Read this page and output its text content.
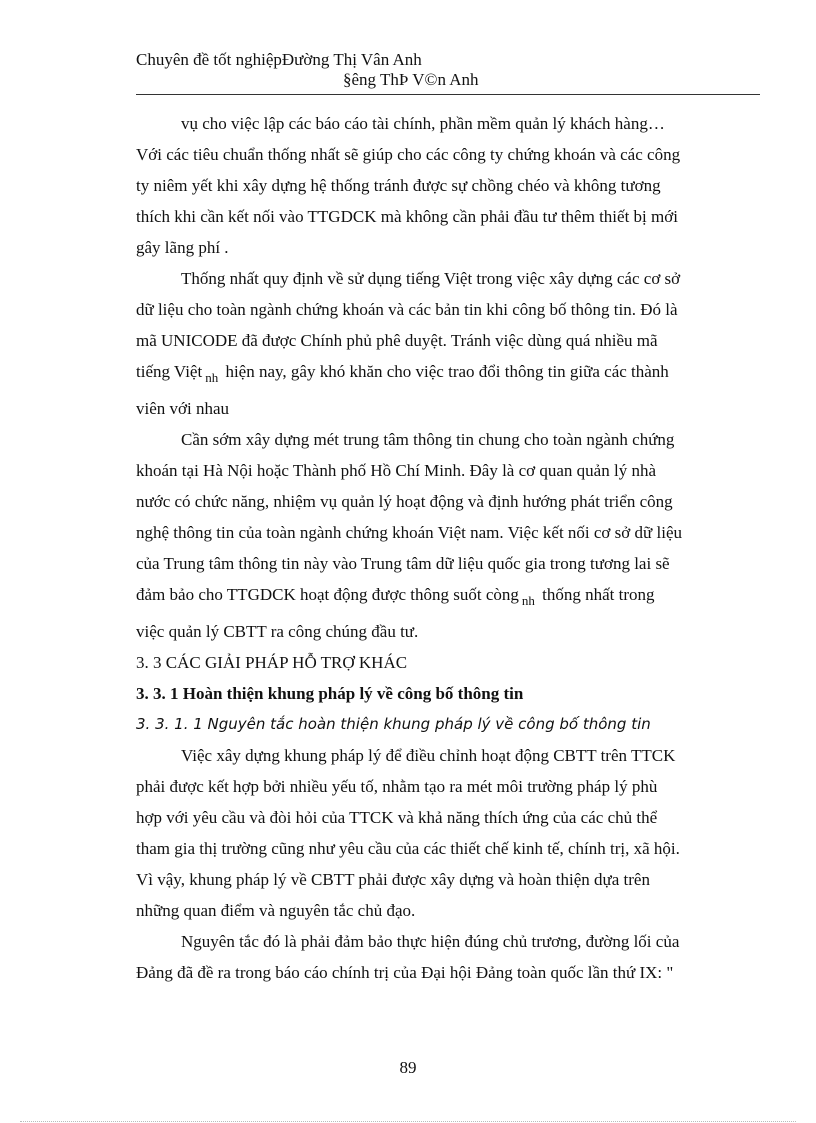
Chuyên đề tốt nghiệpĐường Thị Vân Anh
§êng ThÞ V©n Anh

vụ cho việc lập các báo cáo tài chính, phần mềm quản lý khách hàng…
Với các tiêu chuẩn thống nhất sẽ giúp cho các công ty chứng khoán và các công
ty niêm yết khi xây dựng hệ thống tránh được sự chồng chéo và không tương
thích khi cần kết nối vào TTGDCK mà không cần phải đầu tư thêm thiết bị mới
gây lãng phí .

Thống nhất quy định về sử dụng tiếng Việt trong việc xây dựng các cơ sở
dữ liệu cho toàn ngành chứng khoán và các bản tin khi công bố thông tin. Đó là
mã UNICODE đã được Chính phủ phê duyệt. Tránh việc dùng quá nhiều mã
tiếng Việt $_{nh}$ hiện nay, gây khó khăn cho việc trao đổi thông tin giữa các thành
viên với nhau

Cần sớm xây dựng mét trung tâm thông tin chung cho toàn ngành chứng
khoán tại Hà Nội hoặc Thành phố Hồ Chí Minh. Đây là cơ quan quản lý nhà
nước có chức năng, nhiệm vụ quản lý hoạt động và định hướng phát triển công
nghệ thông tin của toàn ngành chứng khoán Việt nam. Việc kết nối cơ sở dữ liệu
của Trung tâm thông tin này vào Trung tâm dữ liệu quốc gia trong tương lai sẽ
đảm bảo cho TTGDCK hoạt động được thông suốt còng $_{nh}$ thống nhất trong
việc quản lý CBTT ra công chúng đầu tư.

3. 3 CÁC GIẢI PHÁP HỖ TRỢ KHÁC

3. 3. 1 Hoàn thiện khung pháp lý về công bố thông tin

3. 3. 1. 1 Nguyên tắc hoàn thiện khung pháp lý về công bố thông tin

Việc xây dựng khung pháp lý để điều chỉnh hoạt động CBTT trên TTCK
phải được kết hợp bởi nhiều yếu tố, nhằm tạo ra mét môi trường pháp lý phù
hợp với yêu cầu và đòi hỏi của TTCK và khả năng thích ứng của các chủ thể
tham gia thị trường cũng như yêu cầu của các thiết chế kinh tế, chính trị, xã hội.
Vì vậy, khung pháp lý về CBTT phải được xây dựng và hoàn thiện dựa trên
những quan điểm và nguyên tắc chủ đạo.

Nguyên tắc đó là phải đảm bảo thực hiện đúng chủ trương, đường lối của
Đảng đã đề ra trong báo cáo chính trị của Đại hội Đảng toàn quốc lần thứ IX: "

89
